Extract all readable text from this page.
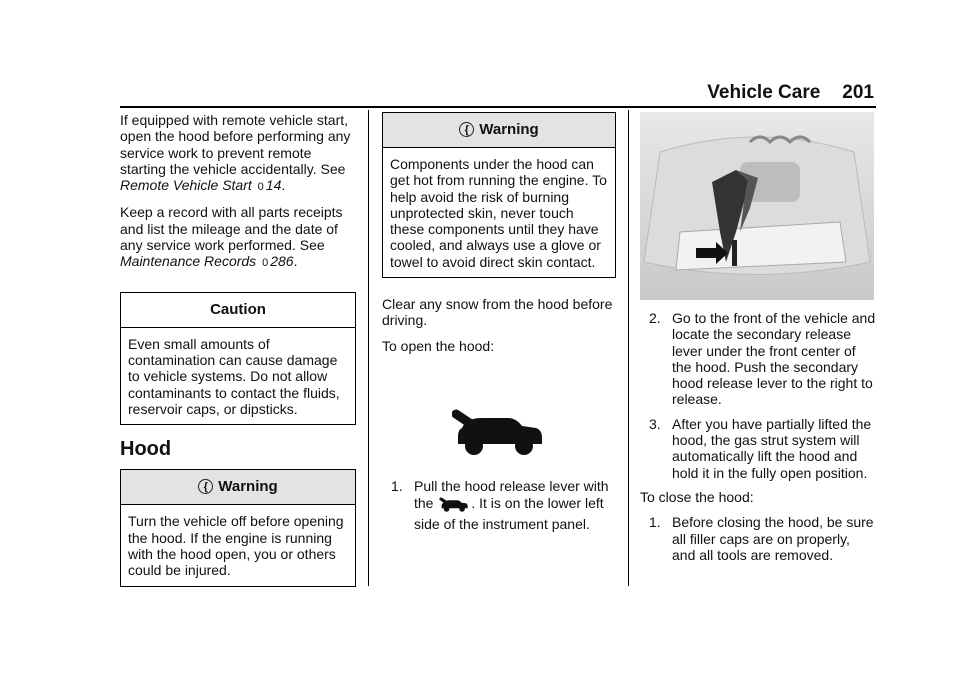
Vehicle Care 201

If equipped with remote vehicle start, open the hood before performing any service work to prevent remote starting the vehicle accidentally. See Remote Vehicle Start 0 14.

Keep a record with all parts receipts and list the mileage and the date of any service work performed. See Maintenance Records 0 286.

Caution
Even small amounts of contamination can cause damage to vehicle systems. Do not allow contaminants to contact the fluids, reservoir caps, or dipsticks.
Hood
{ Warning
Turn the vehicle off before opening the hood. If the engine is running with the hood open, you or others could be injured.
{ Warning
Components under the hood can get hot from running the engine. To help avoid the risk of burning unprotected skin, never touch these components until they have cooled, and always use a glove or towel to avoid direct skin contact.

Clear any snow from the hood before driving.

To open the hood:

1. Pull the hood release lever with the	. It is on the lower left side of the instrument panel.
2. Go to the front of the vehicle and locate the secondary release lever under the front center of the hood. Push the secondary hood release lever to the right to release.
3. After you have partially lifted the hood, the gas strut system will automatically lift the hood and hold it in the fully open position.

To close the hood:

1. Before closing the hood, be sure all filler caps are on properly, and all tools are removed.
